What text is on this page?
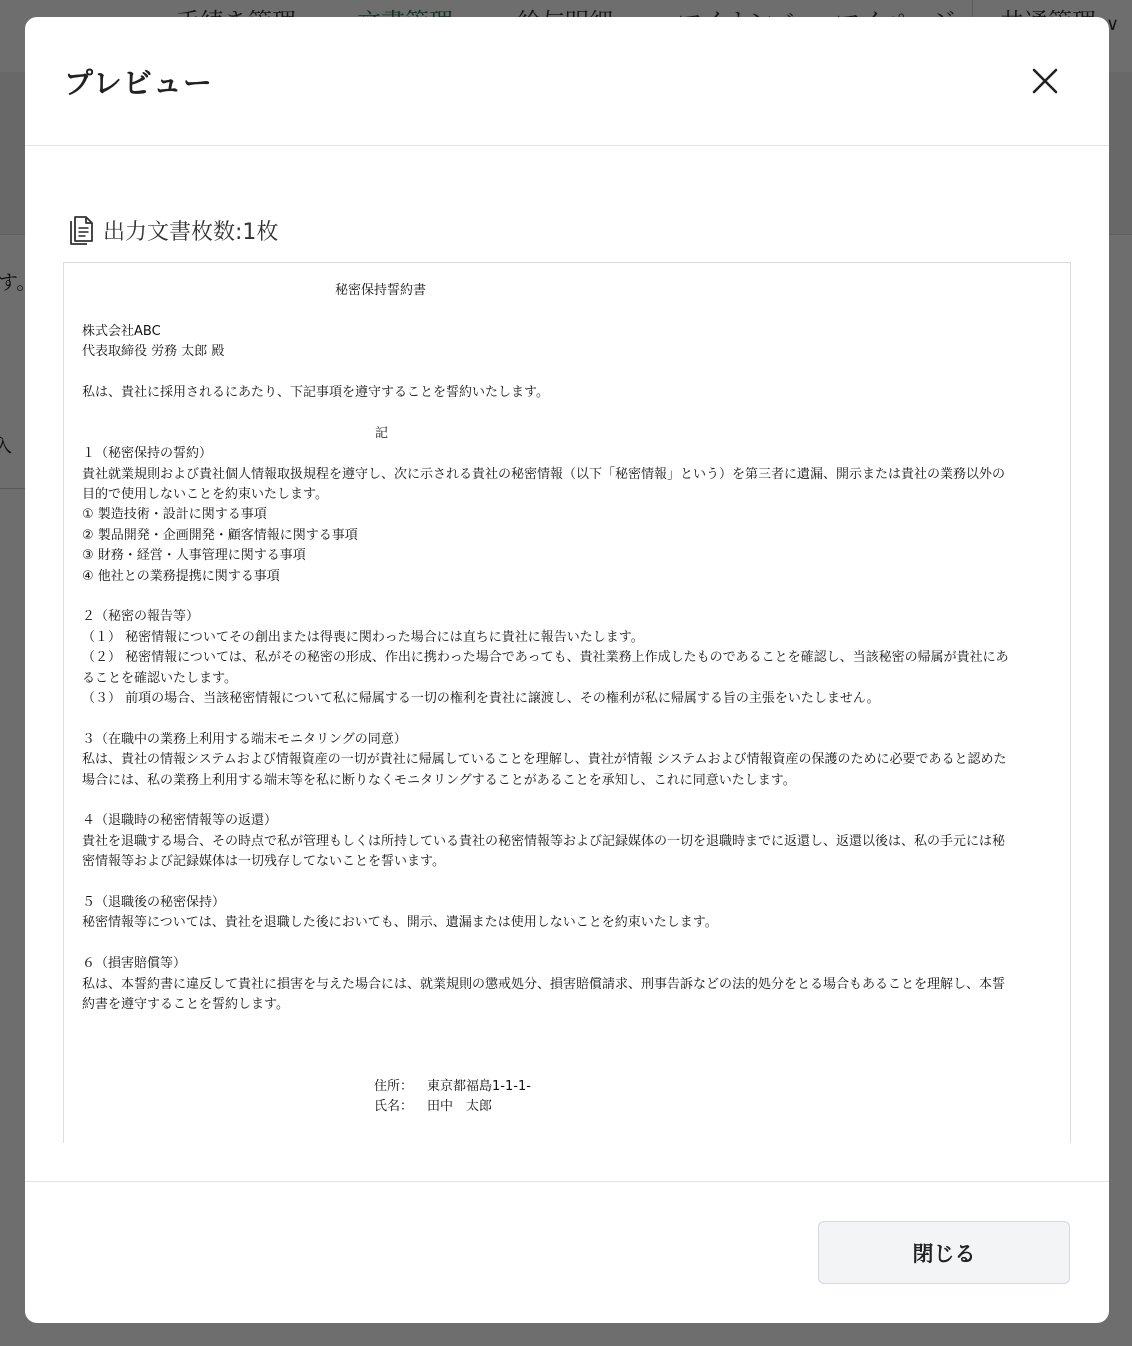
プレビュー
出力文書枚数: 1枚

秘密保持誓約書

株式会社ABC

代表取締役 労務 太郎 殿

私は、貴社に採用されるにあたり、下記事項を遵守することを誓約いたします。

記

１（秘密保持の誓約）

貴社就業規則および貴社個人情報取扱規程を遵守し、次に示される貴社の秘密情報（以下「秘密情報」という）を第三者に遺漏、開示または貴社の業務以外の

目的で使用しないことを約束いたします。

① 製造技術・設計に関する事項

② 製品開発・企画開発・顧客情報に関する事項

③ 財務・経営・人事管理に関する事項

④ 他社との業務提携に関する事項

２（秘密の報告等）

（１） 秘密情報についてその創出または得喪に関わった場合には直ちに貴社に報告いたします。

（２） 秘密情報については、私がその秘密の形成、作出に携わった場合であっても、貴社業務上作成したものであることを確認し、当該秘密の帰属が貴社にあ

ることを確認いたします。

（３） 前項の場合、当該秘密情報について私に帰属する一切の権利を貴社に譲渡し、その権利が私に帰属する旨の主張をいたしません。

３（在職中の業務上利用する端末モニタリングの同意）

私は、貴社の情報システムおよび情報資産の一切が貴社に帰属していることを理解し、貴社が情報 システムおよび情報資産の保護のために必要であると認めた

場合には、私の業務上利用する端末等を私に断りなくモニタリングすることがあることを承知し、これに同意いたします。

４（退職時の秘密情報等の返還）

貴社を退職する場合、その時点で私が管理もしくは所持している貴社の秘密情報等および記録媒体の一切を退職時までに返還し、返還以後は、私の手元には秘

密情報等および記録媒体は一切残存してないことを誓います。

５（退職後の秘密保持）

秘密情報等については、貴社を退職した後においても、開示、遺漏または使用しないことを約束いたします。

６（損害賠償等）

私は、本誓約書に違反して貴社に損害を与えた場合には、就業規則の懲戒処分、損害賠償請求、刑事告訴などの法的処分をとる場合もあることを理解し、本誓

約書を遵守することを誓約します。

住所： 東京都福島1-1-1-

氏名： 田中　太郎

閉じる
